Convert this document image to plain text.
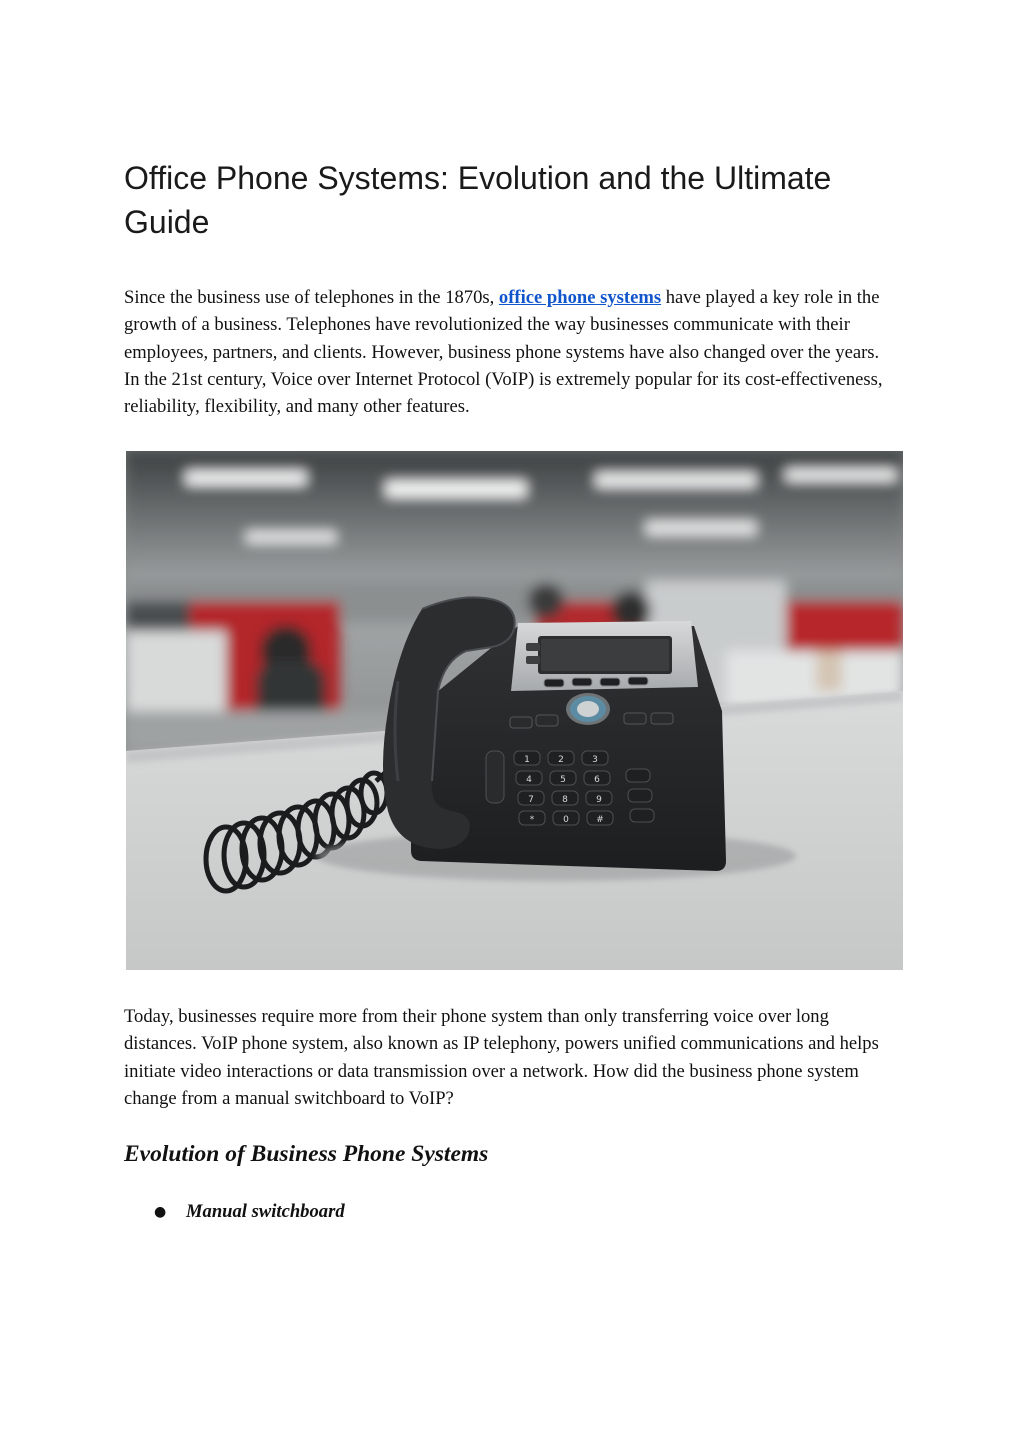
Office Phone Systems: Evolution and the Ultimate Guide

Since the business use of telephones in the 1870s, office phone systems have played a key role in the growth of a business. Telephones have revolutionized the way businesses communicate with their employees, partners, and clients. However, business phone systems have also changed over the years. In the 21st century, Voice over Internet Protocol (VoIP) is extremely popular for its cost-effectiveness, reliability, flexibility, and many other features.

1	2	3
4	5	6
7	8	9
*	0	#

Today, businesses require more from their phone system than only transferring voice over long distances. VoIP phone system, also known as IP telephony, powers unified communications and helps initiate video interactions or data transmission over a network. How did the business phone system change from a manual switchboard to VoIP?

Evolution of Business Phone Systems
● Manual switchboard
